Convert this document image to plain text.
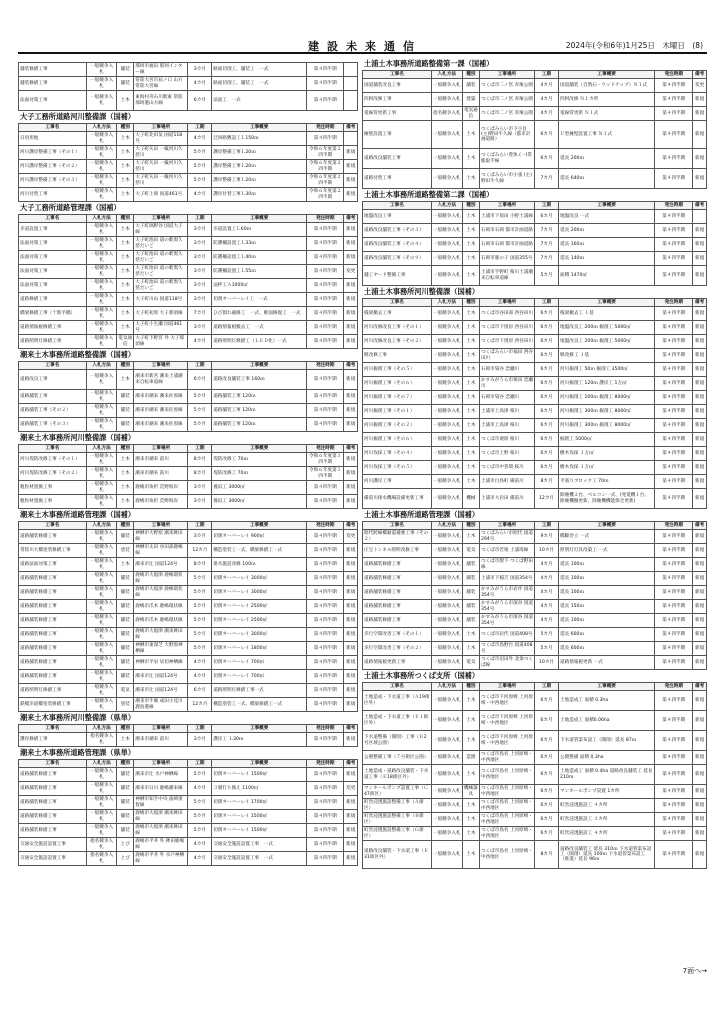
建設未来通信	2024年(令和6年)1月25日　木曜日　(8)
舗装修繕工事	一般競争入札	舗装	那珂市福田 那珂インター線	3カ月	路面切削工、舗装工　一式	第４四半期	
舗装修繕工事	一般競争入札	舗装	常陸大宮市辰ノ口 山方常陸大宮線	4カ月	路面切削工、舗装工　一式	第４四半期	
法面対策工事	一般競争入札	土木	東海村舟石川駅東 常陸那珂港山方線	6カ月	法面工　一式	第４四半期	
大子工務所道路河川整備課（国補）
工事名	入札方法	種別	工事場所	工期	工事概要	発注時期	備考
日用用地	一般競争入札	土木	大子町北田気 国道118号	4カ月	迂回路敷設工Ｌ150ｍ	第４四半期	
河川護岸整備工事（その１）	一般競争入札	土木	大子町矢田 一級河川久慈川	5カ月	護岸整備工事Ｌ20ｍ	令和６年度第２四半期	新規
河川護岸整備工事（その２）	一般競争入札	土木	大子町矢田 一級河川久慈川	5カ月	護岸整備工事Ｌ20ｍ	令和６年度第２四半期	新規
河川護岸整備工事（その３）	一般競争入札	土木	大子町矢田 一級河川久慈川	5カ月	護岸整備工事Ｌ20ｍ	令和６年度第２四半期	新規
河川付替工事	一般競争入札	土木	大子町上岡 国道461号	4カ月	護岸付替工事Ｌ30ｍ	令和６年度第２四半期	新規
大子工務所道路管理課（国補）
工事名	入札方法	種別	工事場所	工期	工事概要	発注時期	備考
歩道設置工事	一般競争入札	土木	大子町塙野谷 国道大子線	3カ月	歩道設置工Ｌ60ｍ	第４四半期	新規
法面対策工事	一般競争入札	土木	大子町池田 道の駅奥久慈だいご	3カ月	防護柵設置工Ｌ33ｍ	第４四半期	新規
法面対策工事	一般競争入札	土木	大子町池田 道の駅奥久慈だいご	3カ月	防護柵設置工Ｌ40ｍ	第４四半期	新規
法面対策工事	一般競争入札	土木	大子町池田 道の駅奥久慈だいご	3カ月	防護柵設置工Ｌ55ｍ	第４四半期	変更
法面対策工事	一般競争入札	土木	大子町池田 道の駅奥久慈だいご	3カ月	法枠工Ａ1000㎡	第４四半期	新規
道路修繕工事	一般競争入札	土木	大子町川山 国道118号	3カ月	切削オーバーレイ工　一式	第４四半期	新規
橋梁修繕工事（十郎平橋）	一般競争入札	土木	大子町初原 大子那須線	7カ月	ひび割れ補修工　一式、断面修復工　一式	第４四半期	新規
道路情報板修繕工事	一般競争入札	土木	大子町小生瀬 国道461号	3カ月	道路情報板撤去工　一式	第４四半期	新規
道路照明灯修繕工事	一般競争入札	電気通信	大子町下野宮 外 大子那須線	4カ月	道路照明灯修繕工（ＬＥＤ化）一式	第４四半期	新規
潮来土木事務所道路整備課（国補）
工事名	入札方法	種別	工事場所	工期	工事概要	発注時期	備考
道路改良工事	一般競争入札	土木	潮来市新宮 潮来土浦潮来自転車道線	6カ月	道路改良舗装工事 160ｍ	第４四半期	新規
道路舗装工事	一般競争入札	舗装	潮来市潮来 潮来佐原線	5カ月	道路舗装工事 120ｍ	第４四半期	新規
道路舗装工事（その２）	一般競争入札	舗装	潮来市潮来 潮来佐原線	5カ月	道路舗装工事 120ｍ	第４四半期	新規
道路舗装工事（その３）	一般競争入札	舗装	潮来市潮来 潮来佐原線	5カ月	道路舗装工事 120ｍ	第４四半期	新規
潮来土木事務所河川整備課（国補）
工事名	入札方法	種別	工事場所	工期	工事概要	発注時期	備考
河川堤防改修工事（その１）	一般競争入札	土木	潮来市潮来 前川	8カ月	堤防改修工 70ｍ	令和６年度第１四半期	新規
河川堤防改修工事（その２）	一般競争入札	土木	潮来市潮来 前川	8カ月	堤防改修工 70ｍ	令和６年度第１四半期	新規
粗粒材置換工事	一般競争入札	土木	鹿嶋市角折 荒野海岸	3カ月	養浜工 3000㎡	第４四半期	新規
粗粒材置換工事	一般競争入札	土木	鹿嶋市角折 荒野海岸	3カ月	養浜工 3000㎡	第４四半期	新規
潮来土木事務所道路管理課（国補）
工事名	入札方法	種別	工事場所	工期	工事概要	発注時期	備考
道路舗装修繕工事	一般競争入札	舗装	神栖市大野原 潮来鉾田線	3カ月	切削オーバーレイ 900㎡	第４四半期	変更
常陸川大橋塗装修繕工事	一般競争入札	塗装	神栖市太田 谷田部鹿嶋線	12カ月	構造塗装工一式、橋梁修繕工一式	第４四半期	新規
道路法面対策工事	一般競争入札	土木	潮来市辻 国道124号	8カ月	排水施設改修 100ｍ	第４四半期	新規
道路舗装修繕工事	一般競争入札	舗装	鹿嶋市大船津 鹿嶋環状線	5カ月	切削オーバーレイ 3000㎡	第４四半期	新規
道路舗装修繕工事	一般競争入札	舗装	鹿嶋市大船津 鹿嶋環状線	5カ月	切削オーバーレイ 3000㎡	第４四半期	新規
道路舗装修繕工事	一般競争入札	舗装	鹿嶋市爪木 鹿嶋環状線	5カ月	切削オーバーレイ 2500㎡	第４四半期	新規
道路舗装修繕工事	一般競争入札	舗装	鹿嶋市爪木 鹿嶋環状線	5カ月	切削オーバーレイ 2500㎡	第４四半期	新規
道路舗装修繕工事	一般競争入札	舗装	鹿嶋市大船津 潮来鉾田線	5カ月	切削オーバーレイ 3000㎡	第４四半期	新規
道路舗装修繕工事	一般競争入札	舗装	神栖市東深芝 大野原神栖線	5カ月	切削オーバーレイ 1800㎡	第４四半期	新規
道路舗装修繕工事	一般競争入札	舗装	神栖市平泉 居切神栖線	4カ月	切削オーバーレイ 700㎡	第４四半期	新規
道路舗装修繕工事	一般競争入札	舗装	潮来市辻 国道124号	4カ月	切削オーバーレイ 700㎡	第４四半期	新規
道路照明灯修繕工事	一般競争入札	電気	潮来市辻 国道124号	6カ月	道路照明灯修繕工事一式	第４四半期	新規
鉄橋歩道橋塗装修繕工事	一般競争入札	塗装	潮来市牛堀 成田小見川鹿島港線	12カ月	構造塗装工一式、橋梁修繕工一式	第４四半期	新規
潮来土木事務所河川整備課（県単）
工事名	入札方法	種別	工事場所	工期	工事概要	発注時期	備考
護岸修繕工事	指名競争入札	土木	潮来市潮来 前川	3カ月	護岸工 Ｌ30ｍ	第４四半期	新規
潮来土木事務所道路管理課（県単）
工事名	入札方法	種別	工事場所	工期	工事概要	発注時期	備考
道路舗装修繕工事	一般競争入札	舗装	潮来市辻 水戸神栖線	5カ月	切削オーバーレイ 1500㎡	第４四半期	新規
道路舗装修繕工事	一般競争入札	舗装	潮来市日川 鹿嶋潮来線	4カ月	３層打ち換え 1100㎡	第４四半期	変更
道路舗装修繕工事	一般競争入札	舗装	神栖市知手中央 波崎須賀線	5カ月	切削オーバーレイ 1700㎡	第４四半期	新規
道路舗装修繕工事	一般競争入札	舗装	鹿嶋市大船津 潮来鉾田線	5カ月	切削オーバーレイ 1500㎡	第４四半期	新規
道路舗装修繕工事	一般競争入札	舗装	鹿嶋市大船津 潮来鉾田線	5カ月	切削オーバーレイ 1500㎡	第４四半期	新規
交通安全施設設置工事	指名競争入札	とび	鹿嶋市平井 外 鉾田鹿嶋線	4カ月	交通安全施設設置工事　一式	第４四半期	新規
交通安全施設設置工事	指名競争入札	とび	鹿嶋市平井 外 水戸神栖線	4カ月	交通安全施設設置工事　一式	第４四半期	新規
土浦土木事務所道路整備第一課（国補）
工事名	入札方法	種別	工事場所	工期	工事概要	発注時期	備考
国道舗装改良工事	一般競争入札	舗装	つくば市二ノ宮 赤塚公園	4カ月	国道舗装（自然石・ウッドチップ）Ｎ１式	第４四半期	変更
四阿改修工事	一般競争入札	建築	つくば市二ノ宮 赤塚公園	4カ月	四阿改修 Ｎ１カ所	第４四半期	新規
電線管更新工事	指名競争入札	電気通信	つくば市二ノ宮 赤塚公園	4カ月	電線管更新 Ｎ１式	第４四半期	新規
擁壁設置工事	一般競争入札	土木	つくばみらい市下小目 (主)野田牛久線（都市計画道路）	6カ月	Ｕ型擁壁設置工事 Ｎ１式	第４四半期	新規
道路改良舗装工事	一般競争入札	土木	つくばみらい豊体 (一)常総取手線	6カ月	延長 200ｍ	第４四半期	新規
道路付替工事	一般競争入札	土木	つくばみらい市小張 (主)野田牛久線	7カ月	延長 640ｍ	第４四半期	新規
土浦土木事務所道路整備第二課（国補）
工事名	入札方法	種別	工事場所	工期	工事概要	発注時期	備考
地盤改良工事	一般競争入札	土木	土浦市下坂田 小野土浦線	6カ月	地盤改良 一式	第４四半期	
道路改良舗装工事（その３）	一般競争入札	土木	石岡市石岡 都市計画道路	7カ月	延長 200ｍ	第４四半期	新規
道路改良舗装工事（その４）	一般競争入札	土木	石岡市石岡 都市計画道路	7カ月	延長 160ｍ	第４四半期	新規
道路改良舗装工事（その９）	一般競争入札	土木	石岡市鹿の子 国道355号	7カ月	延長 140ｍ	第４四半期	新規
舗工ヤード整備工事	一般競争入札	土木	土浦市手野町 桜川土浦潮来自転車道線	5カ月	面積 1470㎡	第４四半期	新規
土浦土木事務所河川整備課（国補）
工事名	入札方法	種別	工事場所	工期	工事概要	発注時期	備考
桟梁撤去工事	一般競争入札	土木	つくば市谷田部 西谷田川	6カ月	桟梁撤去工 １基	第４四半期	新規
河川改修改良工事（その１）	一般競争入札	土木	つくば市下別府 西谷田川	6カ月	地盤改良工 200ｍ 掘削工 5000㎥	第４四半期	新規
河川改修改良工事（その２）	一般競争入札	土木	つくば市下別府 西谷田川	6カ月	地盤改良工 200ｍ 掘削工 5000㎥	第４四半期	新規
堰改修工事	一般競争入札	土木	つくばみらい市福田 西谷田川	6カ月	堰改修工 １基	第４四半期	新規
河川掘削工事（その５）	一般競争入札	土木	石岡市染谷 恋瀬川	6カ月	河川掘削工 50ｍ 掘削工 3500㎥	第４四半期	新規
河川掘削工事（その６）	一般競争入札	土木	かすみがうら市栗田 恋瀬川	6カ月	河川掘削工 120ｍ 護岸工 1万㎡	第４四半期	新規
河川掘削工事（その７）	一般競争入札	土木	石岡市染谷 恋瀬川	6カ月	河川掘削工 100ｍ 掘削工 8000㎥	第４四半期	新規
河川掘削工事（その１）	一般競争入札	土木	土浦市上高津 桜川	6カ月	河川掘削工 300ｍ 掘削工 8000㎥	第４四半期	新規
河川掘削工事（その２）	一般競争入札	土木	土浦市上高津 桜川	6カ月	河川掘削工 300ｍ 掘削工 8000㎥	第４四半期	新規
河川掘削工事（その６）	一般競争入札	土木	つくば市栗原 桜川	6カ月	掘削工 5000㎥	第４四半期	新規
河川伐採工事（その４）	一般競争入札	土木	つくば市上野 桜川	6カ月	樹木伐採 １万㎡	第４四半期	新規
河川伐採工事（その５）	一般競争入札	土木	つくば市中菅間 桜川	6カ月	樹木伐採 １万㎡	第４四半期	新規
河川護岸工事	一般競争入札	土木	土浦市白鳥町 備前川	8カ月	平張りブロック工 70ｍ	第４四半期	新規
備前川排水機場設備更新工事	一般競争入札	機械	土浦市大岩田 備前川	12カ月	除塵機２台、ベルコン一式、(発電機１台、除塵機撤更新、除塵機機能保全更新)	第４四半期	新規
土浦土木事務所道路管理課（国補）
工事名	入札方法	種別	工事場所	工期	工事概要	発注時期	備考
昭代跨線橋耐震補強工事（その２）	一般競争入札	土木	つくばみらい市昭代 国道294号	9カ月	橋脚巻立 一式	第４四半期	新規
庄宝トンネル照明改修工事	一般競争入札	電気	つくば市若栗 土浦境線	10カ月	照明灯灯具改築工 一式	第４四半期	新規
道路舗装修繕工事	一般競争入札	舗装	つくば市燈下 つくば野田線	4カ月	延長 100ｍ	第４四半期	新規
道路舗装修繕工事	一般競争入札	舗装	土浦市下稲吉 国道354号	4カ月	延長 100ｍ	第４四半期	新規
道路舗装修繕工事	一般競争入札	舗装	かすみがうら市岩坪 国道354号	4カ月	延長 100ｍ	第４四半期	新規
道路舗装修繕工事	一般競争入札	舗装	かすみがうら市深谷 国道354号	4カ月	延長 150ｍ	第４四半期	新規
道路舗装修繕工事	一般競争入札	舗装	かすみがうら市深谷 国道354号	4カ月	延長 100ｍ	第４四半期	新規
歩行空間改善工事（その１）	一般競争入札	土木	つくば市岩代 国道408号	5カ月	延長 600ｍ	第４四半期	新規
歩行空間改善工事（その２）	一般競争入札	土木	つくば市島野台 国道408号	5カ月	延長 600ｍ	第４四半期	新規
道路情報板更新工事	一般競争入札	電気	つくば市沼田外 北条つくば線	10カ月	道路情報板更新 一式	第４四半期	新規
土浦土木事務所つくば支所（国補）
工事名	入札方法	種別	工事場所	工期	工事概要	発注時期	備考
土地造成・下水道工事（Ａ19街区外）	一般競争入札	土木	つくば市下河原崎 上河原崎・中西地区	6カ月	土地造成工 面積 0.3ha	第４四半期	新規
土地造成・下水道工事（Ｅ１街区外）	一般競争入札	土木	つくば市下河原崎 上河原崎・中西地区	6カ月	土地造成工 面積0.06ha	第４四半期	新規
下水道整備（開削）工事（Ｅ2号区域公園）	一般競争入札	土木	つくば市下河原崎 上河原崎・中西地区	6カ月	下水道管渠布設工（開削）延長 87ｍ	第４四半期	新規
公園整備工事（７号街区公園）	一般競争入札	造園	つくば市島名 上河原崎・中西地区	6カ月	公園整備 面積 0.3ha	第４四半期	新規
土地造成・道路改良舗装・下水道工事（Ｅ18街区外）	一般競争入札	土木	つくば市島名 上河原崎・中西地区	6カ月	土地造成工 面積 0.4ha 道路改良舗装工 延長 210ｍ	第４四半期	新規
マンホールポンプ設置工事（Ｃ47街区）	一般競争入札	機械器具	つくば市島名 上河原崎・中西地区	6カ月	マンホールポンプ設置 1カ所	第４四半期	新規
町営浸透施設整備工事（Ａ街区）	一般競争入札	土木	つくば市島名 上河原崎・中西地区	6カ月	町営浸透施設工 ４カ所	第４四半期	新規
町営浸透施設整備工事（Ｂ街区）	一般競争入札	土木	つくば市島名 上河原崎・中西地区	6カ月	町営浸透施設工 ３カ所	第４四半期	新規
町営浸透施設整備工事（Ｇ街区）	一般競争入札	土木	つくば市島名 上河原崎・中西地区	6カ月	町営浸透施設工 ４カ所	第４四半期	新規
道路改良舗装・下水道工事（Ｅ31街区外）	一般競争入札	土木	つくば市島名 上河原崎・中西地区	8カ月	道路改良舗装工 延長 310ｍ 下水道管渠布設工（開削）延長 100ｍ 下水道管渠布設工（推進）延長 96ｍ	第４四半期	新規
7面へ→
